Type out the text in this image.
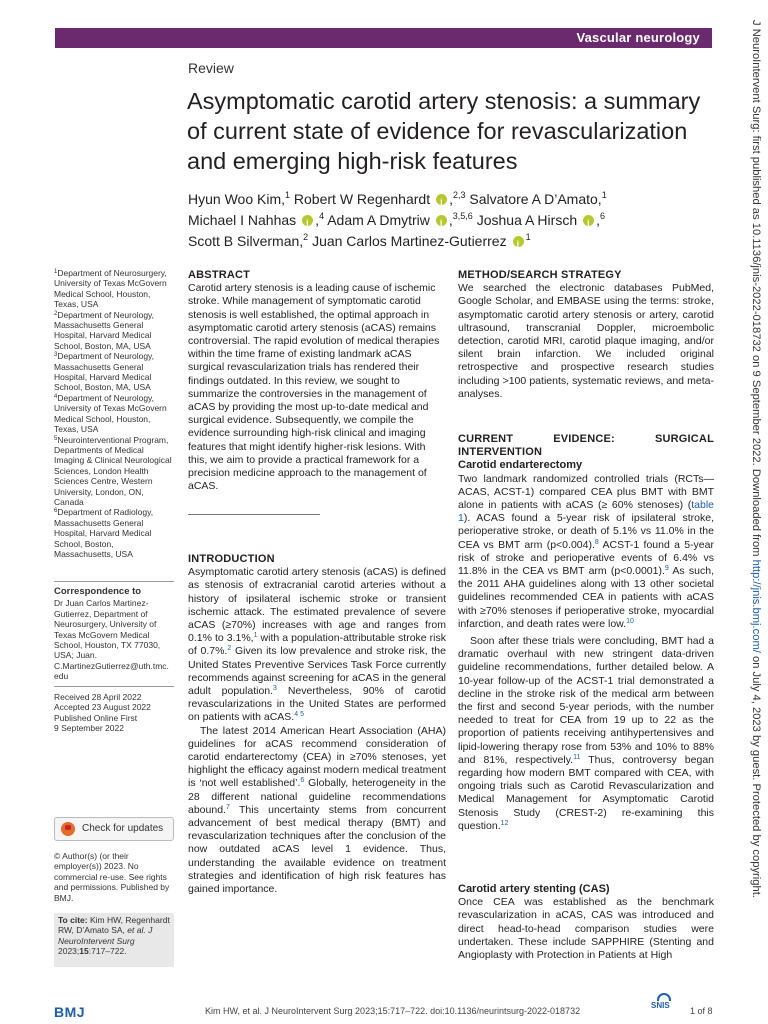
Vascular neurology
Review
Asymptomatic carotid artery stenosis: a summary of current state of evidence for revascularization and emerging high-risk features
Hyun Woo Kim,$^1$ Robert W Regenhardt i ,$^{2,3}$ Salvatore A D’Amato,$^1$
Michael I Nahhas i ,$^4$ Adam A Dmytriw i ,$^{3,5,6}$ Joshua A Hirsch i ,$^6$
Scott B Silverman,$^2$ Juan Carlos Martinez-Gutierrez i $^1$

$^1$Department of Neurosurgery, University of Texas McGovern Medical School, Houston, Texas, USA

$^2$Department of Neurology, Massachusetts General Hospital, Harvard Medical School, Boston, MA, USA

$^3$Department of Neurology, Massachusetts General Hospital, Harvard Medical School, Boston, MA, USA

$^4$Department of Neurology, University of Texas McGovern Medical School, Houston, Texas, USA

$^5$Neurointerventional Program, Departments of Medical Imaging & Clinical Neurological Sciences, London Health Sciences Centre, Western University, London, ON, Canada

$^6$Department of Radiology, Massachusetts General Hospital, Harvard Medical School, Boston, Massachusetts, USA

Correspondence to

Dr Juan Carlos Martinez-Gutierrez, Department of Neurosurgery, University of Texas McGovern Medical School, Houston, TX 77030, USA; Juan. C.MartinezGutierrez@uth.tmc. edu

Received 28 April 2022

Accepted 23 August 2022

Published Online First

9 September 2022

Check for updates
© Author(s) (or their employer(s)) 2023. No commercial re-use. See rights and permissions. Published by BMJ.
To cite: Kim HW, Regenhardt RW, D’Amato SA, et al. J NeuroIntervent Surg
2023;15:717–722.
ABSTRACT

Carotid artery stenosis is a leading cause of ischemic stroke. While management of symptomatic carotid stenosis is well established, the optimal approach in asymptomatic carotid artery stenosis (aCAS) remains controversial. The rapid evolution of medical therapies within the time frame of existing landmark aCAS surgical revascularization trials has rendered their findings outdated. In this review, we sought to summarize the controversies in the management of aCAS by providing the most up-to-date medical and surgical evidence. Subsequently, we compile the evidence surrounding high-risk clinical and imaging features that might identify higher-risk lesions. With this, we aim to provide a practical framework for a precision medicine approach to the management of aCAS.

INTRODUCTION

Asymptomatic carotid artery stenosis (aCAS) is defined as stenosis of extracranial carotid arteries without a history of ipsilateral ischemic stroke or transient ischemic attack. The estimated prevalence of severe aCAS (≥70%) increases with age and ranges from 0.1% to 3.1%,$^1$ with a population-attributable stroke risk of 0.7%.$^2$ Given its low prevalence and stroke risk, the United States Preventive Services Task Force currently recommends against screening for aCAS in the general adult population.$^3$ Nevertheless, 90% of carotid revascularizations in the United States are performed on patients with aCAS.$^{4 5}$

The latest 2014 American Heart Association (AHA) guidelines for aCAS recommend consideration of carotid endarterectomy (CEA) in ≥70% stenoses, yet highlight the efficacy against modern medical treatment is ‘not well established’.$^6$ Globally, heterogeneity in the 28 different national guideline recommendations abound.$^7$ This uncertainty stems from concurrent advancement of best medical therapy (BMT) and revascularization techniques after the conclusion of the now outdated aCAS level 1 evidence. Thus, understanding the available evidence on treatment strategies and identification of high risk features has gained importance.

METHOD/SEARCH STRATEGY

We searched the electronic databases PubMed, Google Scholar, and EMBASE using the terms: stroke, asymptomatic carotid artery stenosis or artery, carotid ultrasound, transcranial Doppler, microembolic detection, carotid MRI, carotid plaque imaging, and/or silent brain infarction. We included original retrospective and prospective research studies including >100 patients, systematic reviews, and meta-analyses.

CURRENT EVIDENCE: SURGICAL INTERVENTION
Carotid endarterectomy

Two landmark randomized controlled trials (RCTs—ACAS, ACST-1) compared CEA plus BMT with BMT alone in patients with aCAS (≥ 60% stenoses) (table 1). ACAS found a 5-year risk of ipsilateral stroke, perioperative stroke, or death of 5.1% vs 11.0% in the CEA vs BMT arm (p<0.004).$^8$ ACST-1 found a 5-year risk of stroke and perioperative events of 6.4% vs 11.8% in the CEA vs BMT arm (p<0.0001).$^9$ As such, the 2011 AHA guidelines along with 13 other societal guidelines recommended CEA in patients with aCAS with ≥70% stenoses if perioperative stroke, myocardial infarction, and death rates were low.$^{10}$

Soon after these trials were concluding, BMT had a dramatic overhaul with new stringent data-driven guideline recommendations, further detailed below. A 10-year follow-up of the ACST-1 trial demonstrated a decline in the stroke risk of the medical arm between the first and second 5-year periods, with the number needed to treat for CEA from 19 up to 22 as the proportion of patients receiving antihypertensives and lipid-lowering therapy rose from 53% and 10% to 88% and 81%, respectively.$^{11}$ Thus, controversy began regarding how modern BMT compared with CEA, with ongoing trials such as Carotid Revascularization and Medical Management for Asymptomatic Carotid Stenosis Study (CREST-2) re-examining this question.$^{12}$

Carotid artery stenting (CAS)

Once CEA was established as the benchmark revascularization in aCAS, CAS was introduced and direct head-to-head comparison studies were undertaken. These include SAPPHIRE (Stenting and Angioplasty with Protection in Patients at High

J NeuroIntervent Surg: first published as 10.1136/jnis-2022-018732 on 9 September 2022. Downloaded from http://jnis.bmj.com/ on July 4, 2023 by guest. Protected by copyright.
BMJ	Kim HW, et al. J NeuroIntervent Surg 2023;15:717–722. doi:10.1136/neurintsurg-2022-018732
SNIS
1 of 8
